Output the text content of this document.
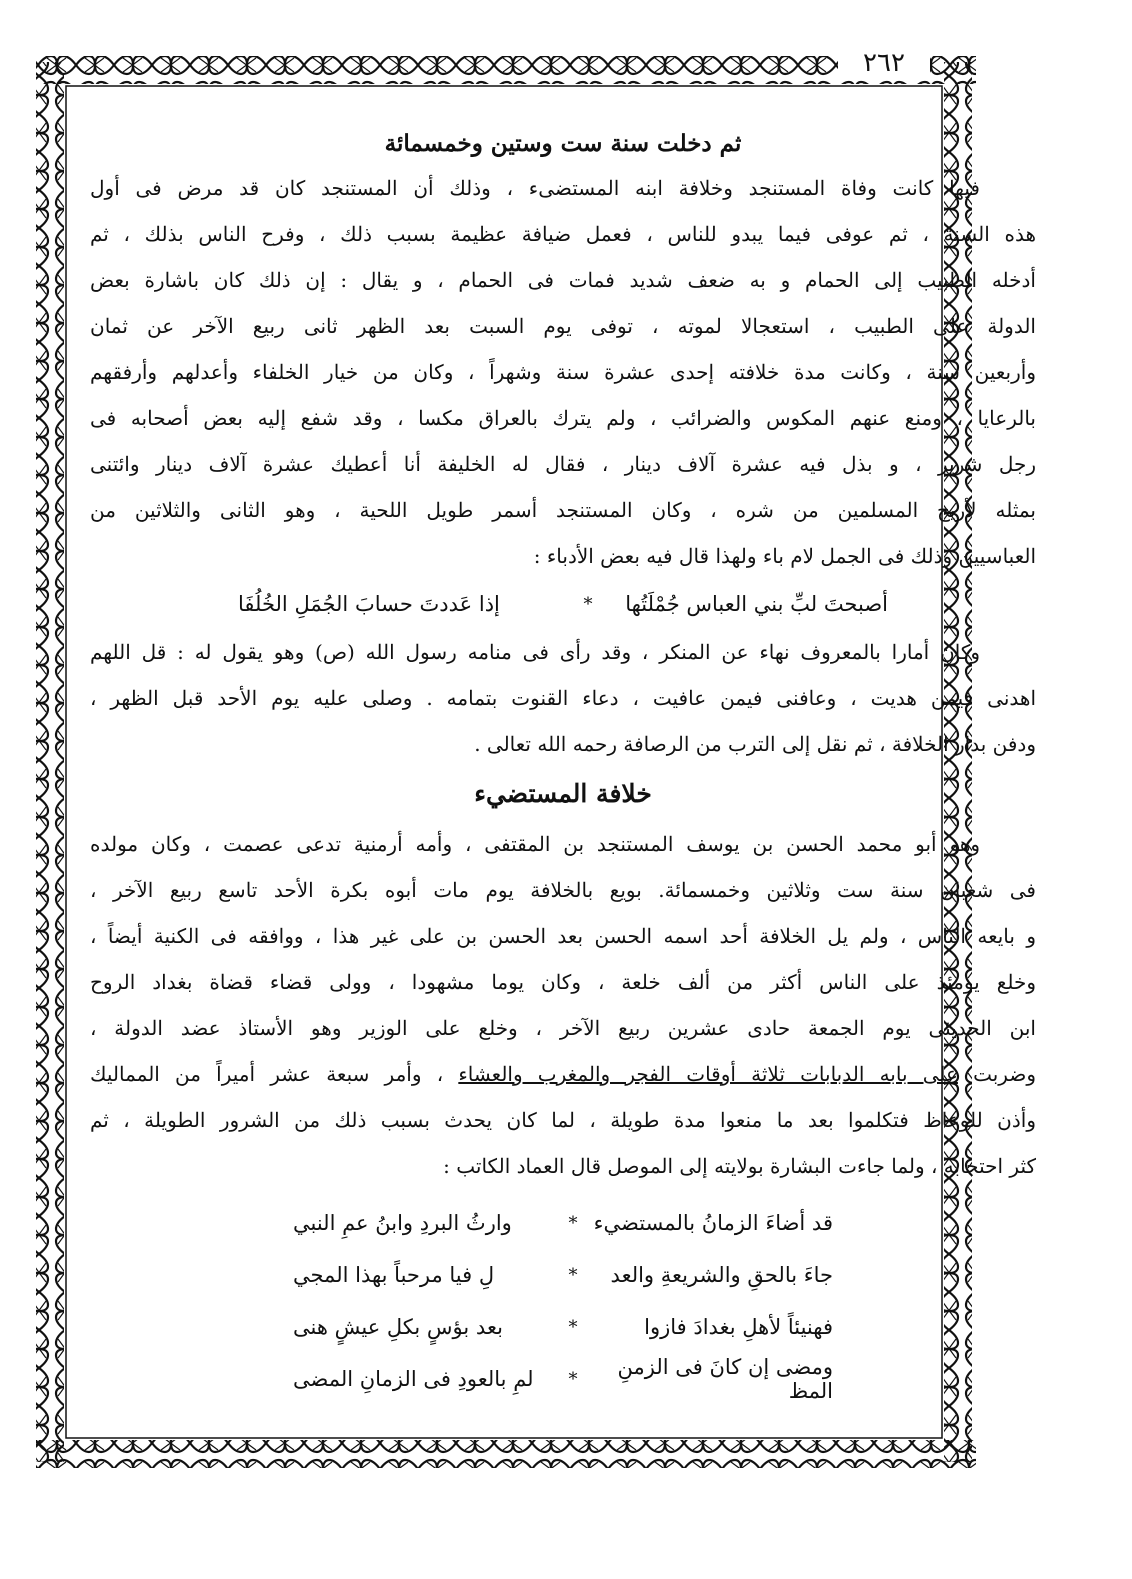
٢٦٢
ثم دخلت سنة ست وستين وخمسمائة
فيها كانت وفاة المستنجد وخلافة ابنه المستضىء ، وذلك أن المستنجد كان قد مرض فى أول
هذه السنة ، ثم عوفى فيما يبدو للناس ، فعمل ضيافة عظيمة بسبب ذلك ، وفرح الناس بذلك ، ثم
أدخله الطبيب إلى الحمام و به ضعف شديد فمات فى الحمام ، و يقال : إن ذلك كان باشارة بعض
الدولة على الطبيب ، استعجالا لموته ، توفى يوم السبت بعد الظهر ثانى ربيع الآخر عن ثمان
وأربعين سنة ، وكانت مدة خلافته إحدى عشرة سنة وشهراً ، وكان من خيار الخلفاء وأعدلهم وأرفقهم
بالرعايا ، ومنع عنهم المكوس والضرائب ، ولم يترك بالعراق مكسا ، وقد شفع إليه بعض أصحابه فى
رجل شرير ، و بذل فيه عشرة آلاف دينار ، فقال له الخليفة أنا أعطيك عشرة آلاف دينار وائتنى
بمثله لأريح المسلمين من شره ، وكان المستنجد أسمر طويل اللحية ، وهو الثانى والثلاثين من
العباسيين وذلك فى الجمل لام باء ولهذا قال فيه بعض الأدباء :
أصبحتَ لبِّ بني العباس جُمْلَتُها
*
إذا عَددتَ حسابَ الجُمَلِ الخُلُفَا
وكان أمارا بالمعروف نهاء عن المنكر ، وقد رأى فى منامه رسول الله (ص) وهو يقول له : قل اللهم
اهدنى فيمن هديت ، وعافنى فيمن عافيت ، دعاء القنوت بتمامه . وصلى عليه يوم الأحد قبل الظهر ،
ودفن بدار الخلافة ، ثم نقل إلى الترب من الرصافة رحمه الله تعالى .
خلافة المستضيء
وهو أبو محمد الحسن بن يوسف المستنجد بن المقتفى ، وأمه أرمنية تدعى عصمت ، وكان مولده
فى شعبان سنة ست وثلاثين وخمسمائة. بويع بالخلافة يوم مات أبوه بكرة الأحد تاسع ربيع الآخر ،
و بايعه الناس ، ولم يل الخلافة أحد اسمه الحسن بعد الحسن بن على غير هذا ، ووافقه فى الكنية أيضاً ،
وخلع يومئذ على الناس أكثر من ألف خلعة ، وكان يوما مشهودا ، وولى قضاء قضاة بغداد الروح
ابن الحديثى يوم الجمعة حادى عشرين ربيع الآخر ، وخلع على الوزير وهو الأستاذ عضد الدولة ،
وضربت على بابه الدبابات ثلاثة أوقات الفجر والمغرب والعشاء ، وأمر سبعة عشر أميراً من المماليك
وأذن للوعاظ فتكلموا بعد ما منعوا مدة طويلة ، لما كان يحدث بسبب ذلك من الشرور الطويلة ، ثم
كثر احتجابه ، ولما جاءت البشارة بولايته إلى الموصل قال العماد الكاتب :
قد أضاءَ الزمانُ بالمستضيء
*
وارثُ البردِ وابنُ عمِ النبي
جاءَ بالحقِ والشريعةِ والعد
*
لِ فيا مرحباً بهذا المجي
فهنيئاً لأهلِ بغدادَ فازوا
*
بعد بؤسٍ بكلِ عيشٍ هنى
ومضى إن كانَ فى الزمنِ المظ
*
لمِ بالعودِ فى الزمانِ المضى
